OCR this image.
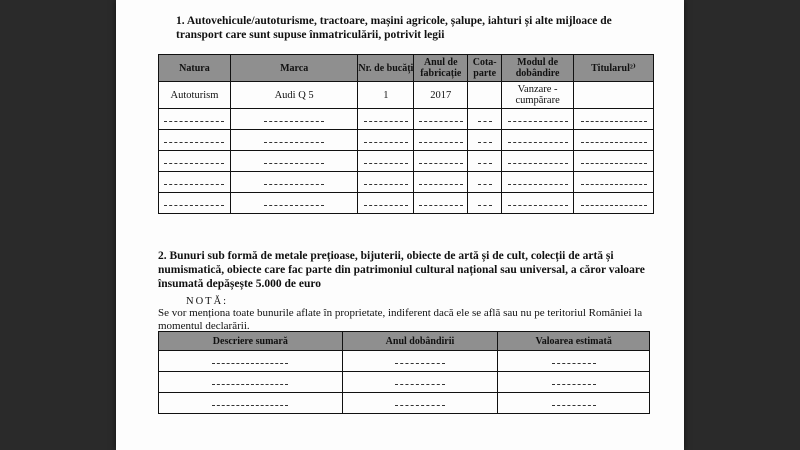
1. Autovehicule/autoturisme, tractoare, mașini agricole, șalupe, iahturi și alte mijloace de transport care sunt supuse înmatriculării, potrivit legii
Natura	Marca	Nr. de bucăți	Anul de fabricație	Cota-parte	Modul de dobândire	Titularul²⁾
Autoturism	Audi Q 5	1	2017		Vanzare - cumpărare	

2. Bunuri sub formă de metale prețioase, bijuterii, obiecte de artă și de cult, colecții de artă și numismatică, obiecte care fac parte din patrimoniul cultural național sau universal, a căror valoare însumată depășește 5.000 de euro
NOTĂ:
Se vor menționa toate bunurile aflate în proprietate, indiferent dacă ele se află sau nu pe teritoriul României la momentul declarării.
Descriere sumară	Anul dobândirii	Valoarea estimată
